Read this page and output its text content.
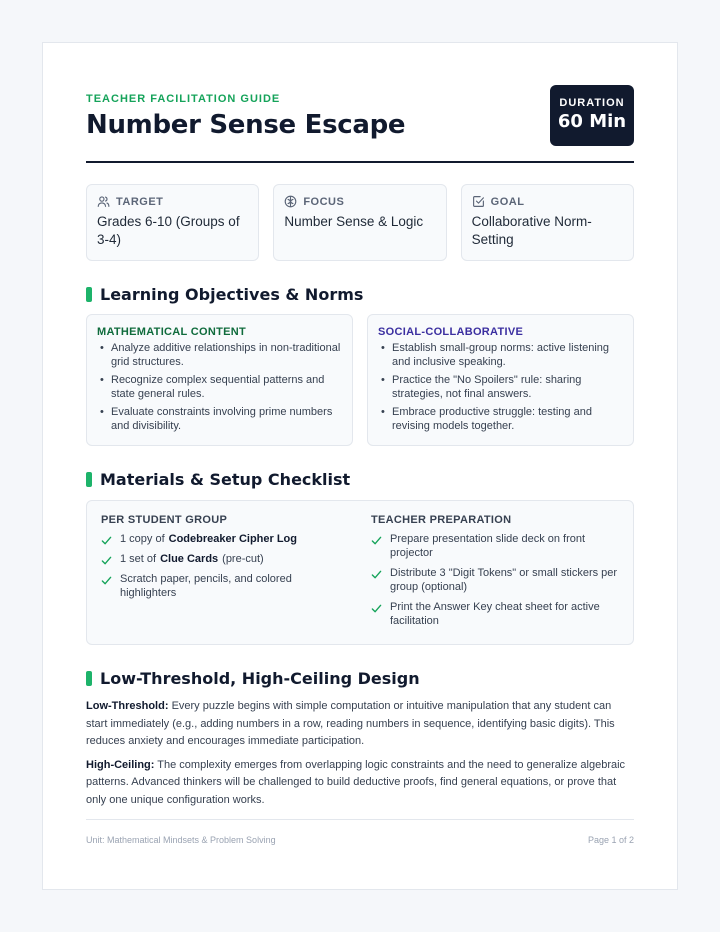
TEACHER FACILITATION GUIDE
Number Sense Escape
DURATION
60 Min
TARGET
Grades 6-10 (Groups of 3-4)
FOCUS
Number Sense & Logic
GOAL
Collaborative Norm-Setting
Learning Objectives & Norms
MATHEMATICAL CONTENT
• Analyze additive relationships in non-traditional grid structures.
• Recognize complex sequential patterns and state general rules.
• Evaluate constraints involving prime numbers and divisibility.
SOCIAL-COLLABORATIVE
• Establish small-group norms: active listening and inclusive speaking.
• Practice the "No Spoilers" rule: sharing strategies, not final answers.
• Embrace productive struggle: testing and revising models together.
Materials & Setup Checklist
PER STUDENT GROUP
1 copy of Codebreaker Cipher Log
1 set of Clue Cards (pre-cut)
Scratch paper, pencils, and colored highlighters
TEACHER PREPARATION
Prepare presentation slide deck on front projector
Distribute 3 "Digit Tokens" or small stickers per group (optional)
Print the Answer Key cheat sheet for active facilitation
Low-Threshold, High-Ceiling Design

Low-Threshold: Every puzzle begins with simple computation or intuitive manipulation that any student can start immediately (e.g., adding numbers in a row, reading numbers in sequence, identifying basic digits). This reduces anxiety and encourages immediate participation.

High-Ceiling: The complexity emerges from overlapping logic constraints and the need to generalize algebraic patterns. Advanced thinkers will be challenged to build deductive proofs, find general equations, or prove that only one unique configuration works.

Unit: Mathematical Mindsets & Problem Solving	Page 1 of 2
